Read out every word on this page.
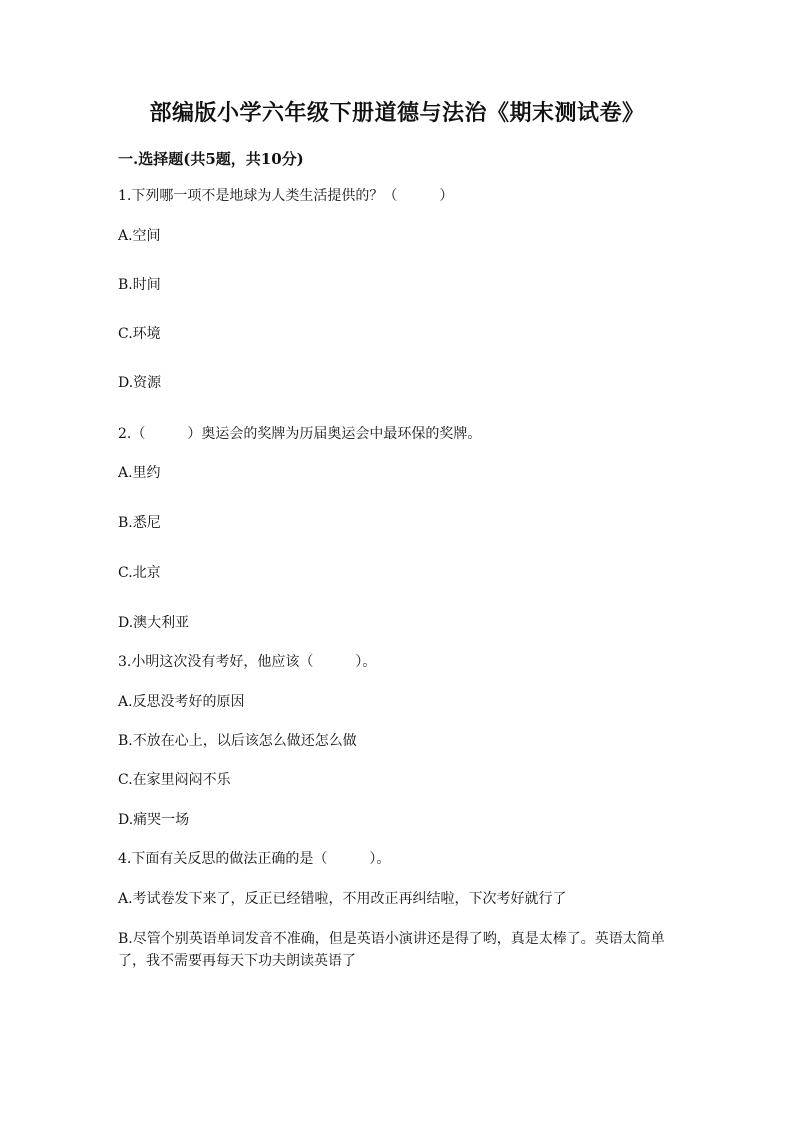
部编版小学六年级下册道德与法治《期末测试卷》
一.选择题(共5题，共10分)
1.下列哪一项不是地球为人类生活提供的？（　　　）
A.空间
B.时间
C.环境
D.资源
2.（　　　）奥运会的奖牌为历届奥运会中最环保的奖牌。
A.里约
B.悉尼
C.北京
D.澳大利亚
3.小明这次没有考好，他应该（　　　）。
A.反思没考好的原因
B.不放在心上，以后该怎么做还怎么做
C.在家里闷闷不乐
D.痛哭一场
4.下面有关反思的做法正确的是（　　　）。
A.考试卷发下来了，反正已经错啦，不用改正再纠结啦，下次考好就行了
B.尽管个别英语单词发音不准确，但是英语小演讲还是得了哟，真是太棒了。英语太简单了，我不需要再每天下功夫朗读英语了
